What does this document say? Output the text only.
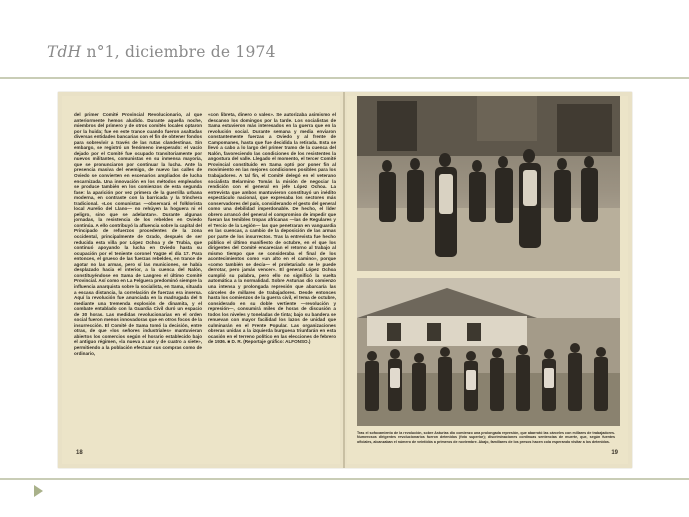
TdH n°1, diciembre de 1974
del primer Comité Provincial Revolucionario, al que anteriormente hemos aludido. Durante aquella noche, miembros del primero y de otros comités locales optaron por la huida; fue en este trance cuando fueron asaltadas diversas entidades bancarias con el fin de obtener fondos para sobrevivir a través de las rutas clandestinas. Sin embargo, se registró un fenómeno inesperado: el vacío dejado por el Comité fue ocupado transitoriamente por nuevos militantes, comunistas en su inmensa mayoría, que se pronunciaron por continuar la lucha. Ante la presencia masiva del enemigo, de nuevo las calles de Oviedo se convierten en escenarios ampliados de lucha encarnizada. Una innovación en los métodos empleados se produce también en los comienzos de esta segunda fase: la aparición por vez primera de la guerrilla urbana moderna, en contraste con la barricada y la trinchera tradicional. «Los comunistas —observará el folklorista local Aurelio del Llano— no rehúyen la hoguera ni el peligro, sino que se adelantan». Durante algunas jornadas, la resistencia de los rebeldes en Oviedo continúa. A ello contribuyó la afluencia sobre la capital del Principado de refuerzos procedentes de la zona occidental, principalmente de Grado, después de ser reducida esta villa por López Ochoa y de Trubia, que continuó apoyando la lucha en Oviedo hasta su ocupación por el teniente coronel Yagüe el día 17. Para entonces, el grueso de las fuerzas rebeldes, en trance de agotar no las armas, pero sí las municiones, se había desplazado hacia el interior, a la cuenca del Nalón, constituyéndose en Sama de Langreo el último Comité Provincial. Así como en La Felguera predominó siempre la influencia anarquista sobre la socialista, en Sama, situada a escasa distancia, la correlación de fuerzas era inversa. Aquí la revolución fue anunciada en la madrugada del 5 mediante una tremenda explosión de dinamita, y el combate entablado con la Guardia Civil duró un espacio de 30 horas. Las medidas revolucionarias en el orden social fueron menos innovadoras que en otros focos de la insurrección. El Comité de Sama tomó la decisión, entre otras, de que «los señores industriales» mantuvieran abiertos los comercios según el horario establecido bajo el antiguo régimen, «la nueva a uno y de cuatro a siete», permitiendo a la población efectuar sus compras como de ordinario,
«con libreta, dinero o vales». Se autorizaba asimismo el descanso los domingos por la tarde. Los socialistas de Sama estuvieron más interesados en la guerra que en la revolución social. Durante semana y media enviaron constantemente fuerzas a Oviedo y al frente de Campomanes, hasta que fue decidida la retirada. Esta se llevó a cabo a lo largo del primer tramo de la cuenca del Nalón, favoreciendo las condiciones de los resistentes la angostura del valle. Llegado el momento, el tercer Comité Provincial constituido en Sama optó por poner fin al movimiento en las mejores condiciones posibles para los trabajadores. A tal fin, el Comité delegó en el veterano socialista Belarmino Tomás la misión de negociar la rendición con el general en jefe López Ochoa. La entrevista que ambos mantuvieron constituyó un inédito espectáculo nacional, que expresaba los sectores más conservadores del país, considerando el gesto del general como una debilidad imperdonable. De hecho, el líder obrero arrancó del general el compromiso de impedir que fueran las temibles tropas africanas —las de Regulares y el Tercio de la Legión— las que penetraran en vanguardia en las cuencas, a cambio de la deposición de las armas por parte de los insurrectos. Tras la entrevista fue hecho público el último manifiesto de octubre, en el que los dirigentes del Comité encarecían el retorno al trabajo al mismo tiempo que se consideraba el final de los acontecimientos como «un alto en el camino», porque «como también se decía— el proletariado se le puede derrotar, pero jamás vencer». El general López Ochoa cumplió su palabra, pero ello no significó la vuelta automática a la normalidad. Sobre Asturias dio comienzo una intensa y prolongada represión que abarcaría las cárceles de millares de trabajadores. Desde entonces hasta los comienzos de la guerra civil, el tema de octubre, considerado en su doble vertiente —revolución y represión—, consumirá miles de horas de discusión a todos los niveles y toneladas de tinta; bajo su bandera se renuevan con mayor facilidad los lazos de unidad que culminarán en el Frente Popular. Las organizaciones obreras unidas a la izquierda burguesa triunfarán en esta ocasión en el terreno político en las elecciones de febrero de 1936. ■ D. R. (Reportaje gráfico: ALFONSO.)
18
Tras el sofocamiento de la revolución, sobre Asturias dio comienzo una prolongada represión, que abarrotó las cárceles con millares de trabajadores. Numerosos dirigentes revolucionarios fueron detenidos (foto superior); discriminaciones continuas sentencias de muerte, que, según fuentes oficiales, alcanzaban el número de veintidós a primeros de noviembre. Abajo, familiares de los presos hacen cola esperando visitar a los detenidos.
19
